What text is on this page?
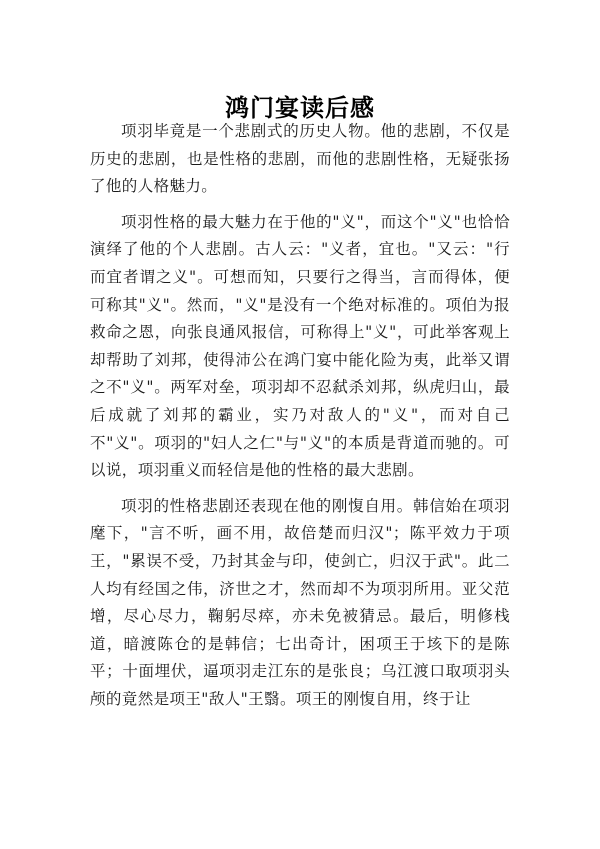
鸿门宴读后感

项羽毕竟是一个悲剧式的历史人物。他的悲剧，不仅是历史的悲剧，也是性格的悲剧，而他的悲剧性格，无疑张扬了他的人格魅力。

项羽性格的最大魅力在于他的"义"，而这个"义"也恰恰演绎了他的个人悲剧。古人云："义者，宜也。"又云："行而宜者谓之义"。可想而知，只要行之得当，言而得体，便可称其"义"。然而，"义"是没有一个绝对标准的。项伯为报救命之恩，向张良通风报信，可称得上"义"，可此举客观上却帮助了刘邦，使得沛公在鸿门宴中能化险为夷，此举又谓之不"义"。两军对垒，项羽却不忍弑杀刘邦，纵虎归山，最后成就了刘邦的霸业，实乃对敌人的"义"，而对自己不"义"。项羽的"妇人之仁"与"义"的本质是背道而驰的。可以说，项羽重义而轻信是他的性格的最大悲剧。

项羽的性格悲剧还表现在他的刚愎自用。韩信始在项羽麾下，"言不听，画不用，故倍楚而归汉"；陈平效力于项王，"累误不受，乃封其金与印，使剑亡，归汉于武"。此二人均有经国之伟，济世之才，然而却不为项羽所用。亚父范增，尽心尽力，鞠躬尽瘁，亦未免被猜忌。最后，明修栈道，暗渡陈仓的是韩信；七出奇计，困项王于垓下的是陈平；十面埋伏，逼项羽走江东的是张良；乌江渡口取项羽头颅的竟然是项王"敌人"王翳。项王的刚愎自用，终于让
